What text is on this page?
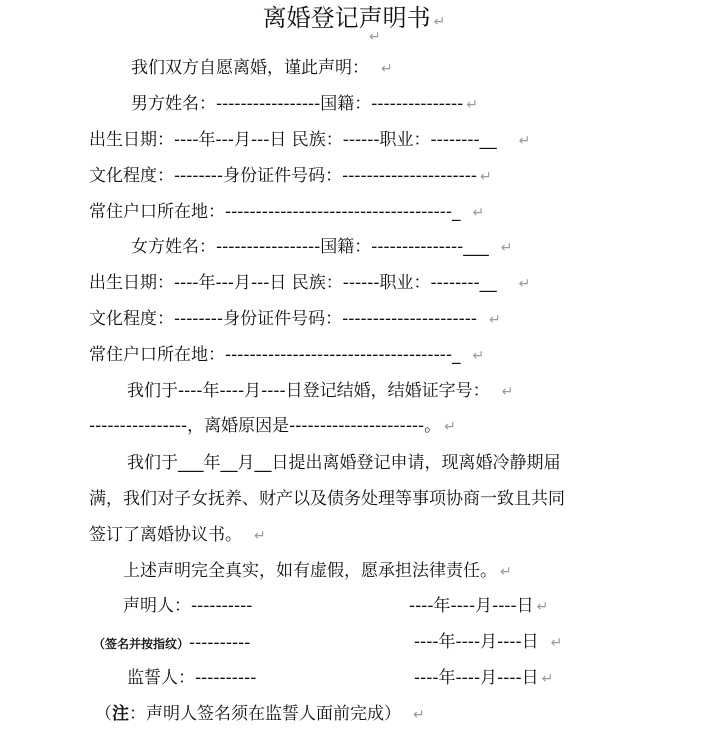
离婚登记声明书 ↵
↵
我们双方自愿离婚，谨此声明： ↵
男方姓名：-----------------国籍：--------------- ↵
出生日期：----年---月---日 民族：------职业：--------__ ↵
文化程度：--------身份证件号码：---------------------- ↵
常住户口所在地：-------------------------------------_ ↵
女方姓名：-----------------国籍：---------------___ ↵
出生日期：----年---月---日 民族：------职业：--------__ ↵
文化程度：--------身份证件号码：---------------------- ↵
常住户口所在地：-------------------------------------_ ↵
我们于----年----月----日登记结婚，结婚证字号： ↵
----------------，离婚原因是----------------------。 ↵
我们于___年__月__日提出离婚登记申请，现离婚冷静期届
满，我们对子女抚养、财产以及债务处理等事项协商一致且共同
签订了离婚协议书。 ↵
上述声明完全真实，如有虚假，愿承担法律责任。 ↵
声明人：----------	----年----月----日 ↵
（签名并按指纹）----------	----年----月----日 ↵
监誓人：----------	----年----月----日 ↵
（注：声明人签名须在监誓人面前完成） ↵
